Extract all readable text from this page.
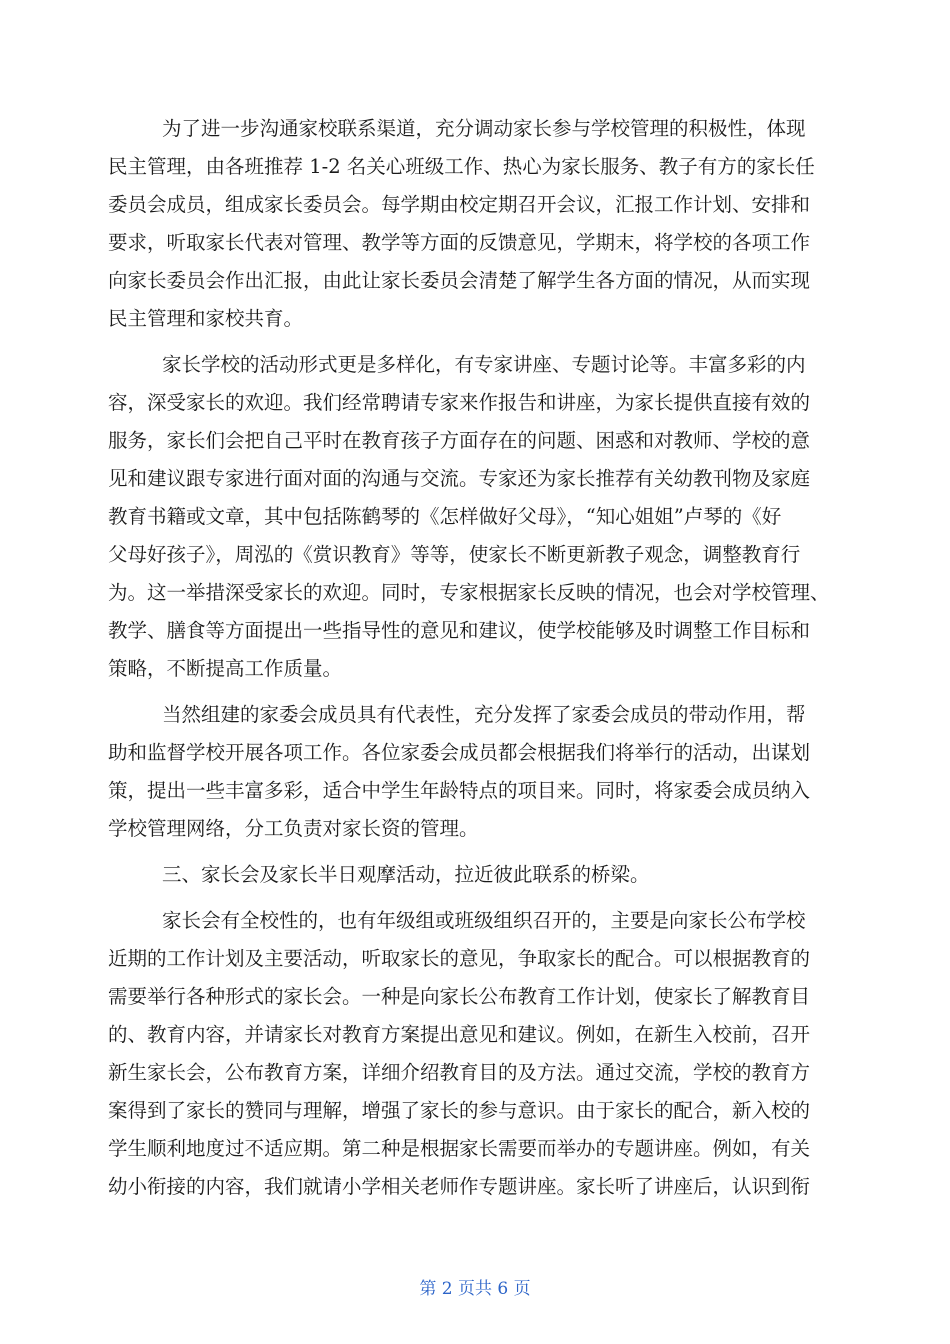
为了进一步沟通家校联系渠道，充分调动家长参与学校管理的积极性，体现
民主管理，由各班推荐 1-2 名关心班级工作、热心为家长服务、教子有方的家长任
委员会成员，组成家长委员会。每学期由校定期召开会议，汇报工作计划、安排和
要求，听取家长代表对管理、教学等方面的反馈意见，学期末，将学校的各项工作
向家长委员会作出汇报，由此让家长委员会清楚了解学生各方面的情况，从而实现
民主管理和家校共育。
家长学校的活动形式更是多样化，有专家讲座、专题讨论等。丰富多彩的内
容，深受家长的欢迎。我们经常聘请专家来作报告和讲座，为家长提供直接有效的
服务，家长们会把自己平时在教育孩子方面存在的问题、困惑和对教师、学校的意
见和建议跟专家进行面对面的沟通与交流。专家还为家长推荐有关幼教刊物及家庭
教育书籍或文章，其中包括陈鹤琴的《怎样做好父母》，“知心姐姐”卢琴的《好
父母好孩子》，周泓的《赏识教育》等等，使家长不断更新教子观念，调整教育行
为。这一举措深受家长的欢迎。同时，专家根据家长反映的情况，也会对学校管理、
教学、膳食等方面提出一些指导性的意见和建议，使学校能够及时调整工作目标和
策略，不断提高工作质量。
当然组建的家委会成员具有代表性，充分发挥了家委会成员的带动作用，帮
助和监督学校开展各项工作。各位家委会成员都会根据我们将举行的活动，出谋划
策，提出一些丰富多彩，适合中学生年龄特点的项目来。同时，将家委会成员纳入
学校管理网络，分工负责对家长资的管理。
三、家长会及家长半日观摩活动，拉近彼此联系的桥梁。
家长会有全校性的，也有年级组或班级组织召开的，主要是向家长公布学校
近期的工作计划及主要活动，听取家长的意见，争取家长的配合。可以根据教育的
需要举行各种形式的家长会。一种是向家长公布教育工作计划，使家长了解教育目
的、教育内容，并请家长对教育方案提出意见和建议。例如，在新生入校前，召开
新生家长会，公布教育方案，详细介绍教育目的及方法。通过交流，学校的教育方
案得到了家长的赞同与理解，增强了家长的参与意识。由于家长的配合，新入校的
学生顺利地度过不适应期。第二种是根据家长需要而举办的专题讲座。例如，有关
幼小衔接的内容，我们就请小学相关老师作专题讲座。家长听了讲座后，认识到衔
第 2 页共 6 页
